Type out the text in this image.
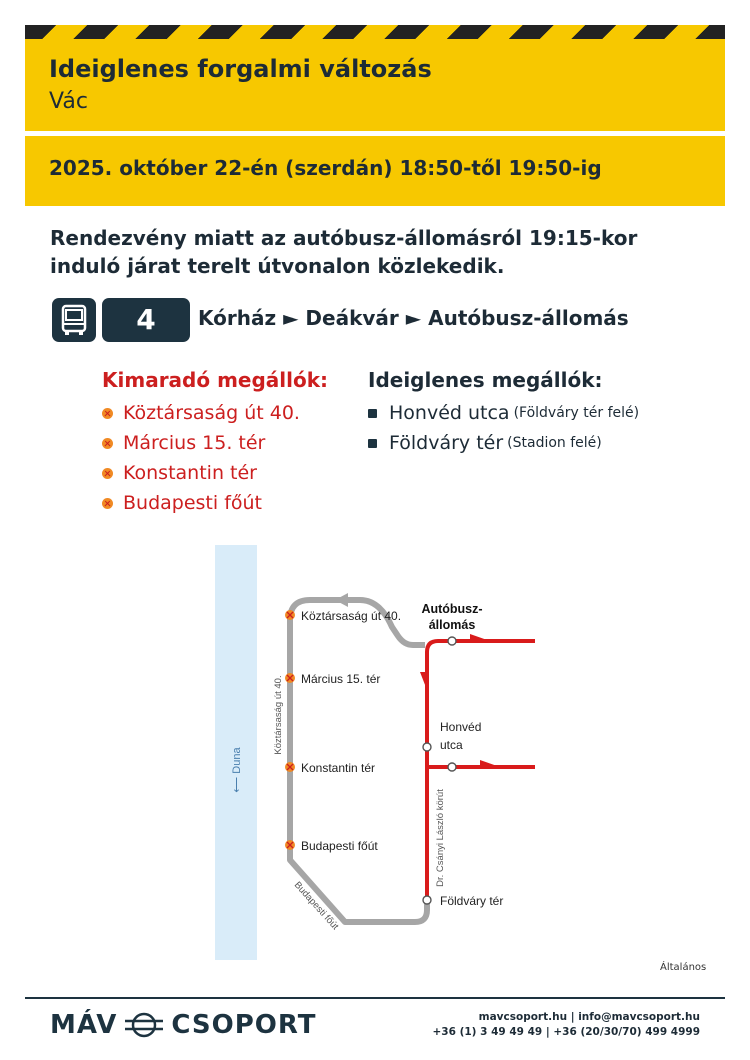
Ideiglenes forgalmi változás
Vác
2025. október 22-én (szerdán) 18:50-től 19:50-ig
Rendezvény miatt az autóbusz-állomásról 19:15-kor
induló járat terelt útvonalon közlekedik.
4	Kórház ► Deákvár ► Autóbusz-állomás
Kimaradó megállók:
Köztársaság út 40.
Március 15. tér
Konstantin tér
Budapesti főút
Ideiglenes megállók:
Honvéd utca (Földváry tér felé)
Földváry tér (Stadion felé)
⟵ Duna
Köztársaság út 40.
Március 15. tér
Konstantin tér
Budapesti főút
Köztársaság út 40.
Budapesti főút
Dr. Csányi László körút
Autóbusz-
állomás
Honvéd
utca
Földváry tér
Általános
MÁV CSOPORT	mavcsoport.hu | info@mavcsoport.hu
+36 (1) 3 49 49 49 | +36 (20/30/70) 499 4999
